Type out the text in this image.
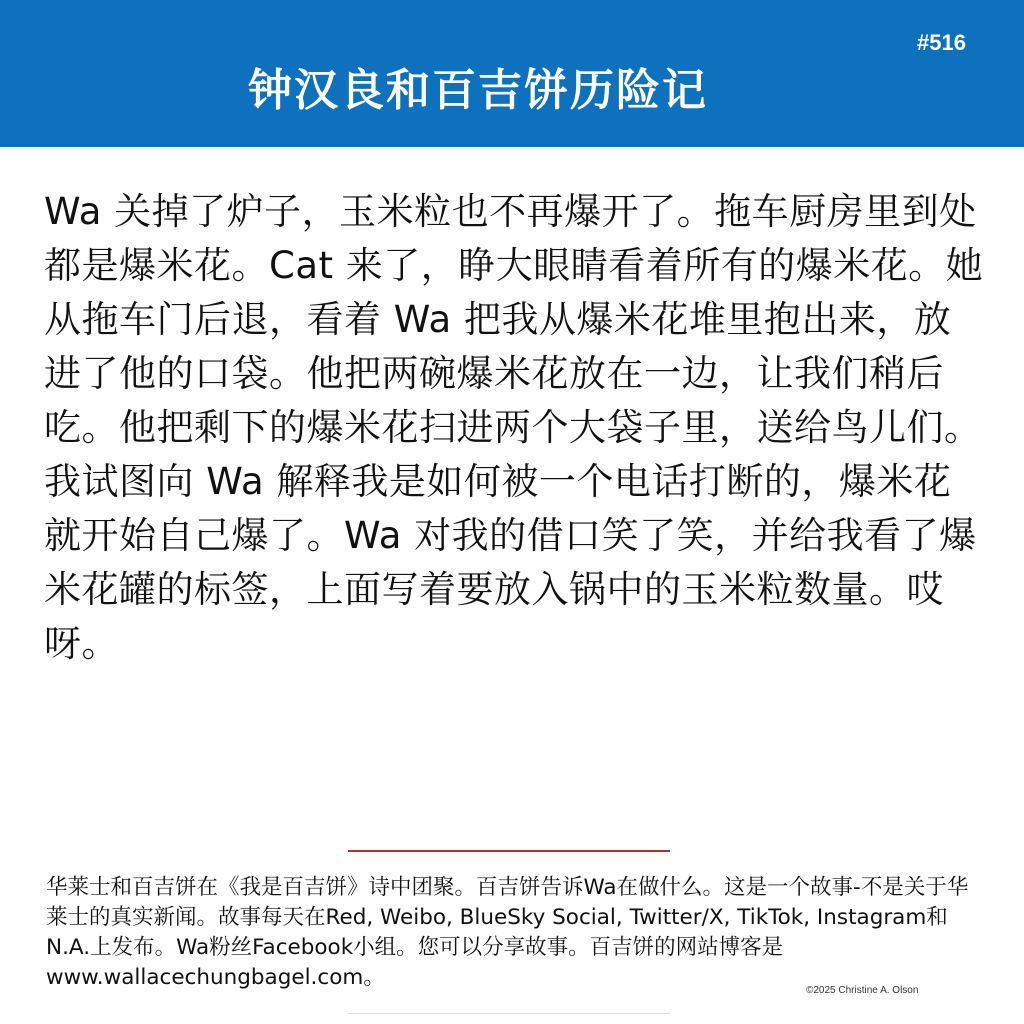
#516
钟汉良和百吉饼历险记

Wa 关掉了炉子，玉米粒也不再爆开了。拖车厨房里到处都是爆米花。Cat 来了，睁大眼睛看着所有的爆米花。她从拖车门后退，看着 Wa 把我从爆米花堆里抱出来，放进了他的口袋。他把两碗爆米花放在一边，让我们稍后吃。他把剩下的爆米花扫进两个大袋子里，送给鸟儿们。我试图向 Wa 解释我是如何被一个电话打断的，爆米花就开始自己爆了。Wa 对我的借口笑了笑，并给我看了爆米花罐的标签，上面写着要放入锅中的玉米粒数量。哎呀。

华莱士和百吉饼在《我是百吉饼》诗中团聚。百吉饼告诉Wa在做什么。这是一个故事-不是关于华莱士的真实新闻。故事每天在Red, Weibo, BlueSky Social, Twitter/X, TikTok, Instagram和N.A.上发布。Wa粉丝Facebook小组。您可以分享故事。百吉饼的网站博客是www.wallacechungbagel.com。

©2025 Christine A. Olson
